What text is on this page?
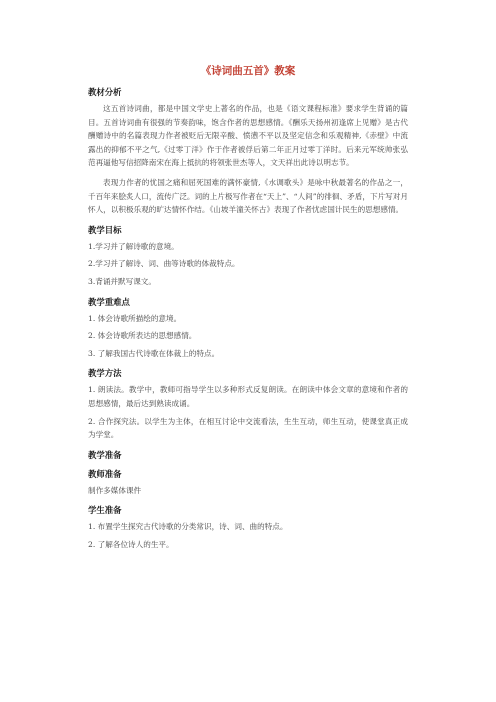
《诗词曲五首》教案
教材分析

这五首诗词曲，都是中国文学史上著名的作品，也是《语文课程标准》要求学生背诵的篇目。五首诗词曲有很强的节奏韵味，饱含作者的思想感情。《酬乐天扬州初逢席上见赠》是古代酬赠诗中的名篇表现力作者被贬后无限辛酸、愤懑不平以及坚定信念和乐观精神,《赤壁》中流露出的抑郁不平之气,《过零丁洋》作于作者被俘后第二年正月过零丁洋时。后来元军统帅张弘范再逼他写信招降南宋在海上抵抗的将领张世杰等人，文天祥出此诗以明志节。

表现力作者的忧国之痛和屈死国难的满怀豪情,《水调歌头》是咏中秋最著名的作品之一，千百年来脍炙人口，流传广泛。词的上片极写作者在“天上”、“人间”的徘徊、矛盾，下片写对月怀人，以积极乐观的旷达情怀作结。《山坡羊潼关怀古》表现了作者忧虑国计民生的思想感情。

教学目标
1.学习并了解诗歌的意境。
2.学习并了解诗、词、曲等诗歌的体裁特点。
3.背诵并默写课文。
教学重难点
1. 体会诗歌所描绘的意境。
2. 体会诗歌所表达的思想感情。
3. 了解我国古代诗歌在体裁上的特点。
教学方法
1. 朗读法。教学中，教师可指导学生以多种形式反复朗读。在朗读中体会文章的意境和作者的思想感情，最后达到熟读成诵。
2. 合作探究法。以学生为主体，在相互讨论中交流看法，生生互动，师生互动，使课堂真正成为学堂。
教学准备
教师准备
制作多媒体课件
学生准备
1. 布置学生探究古代诗歌的分类常识，诗、词、曲的特点。
2. 了解各位诗人的生平。
